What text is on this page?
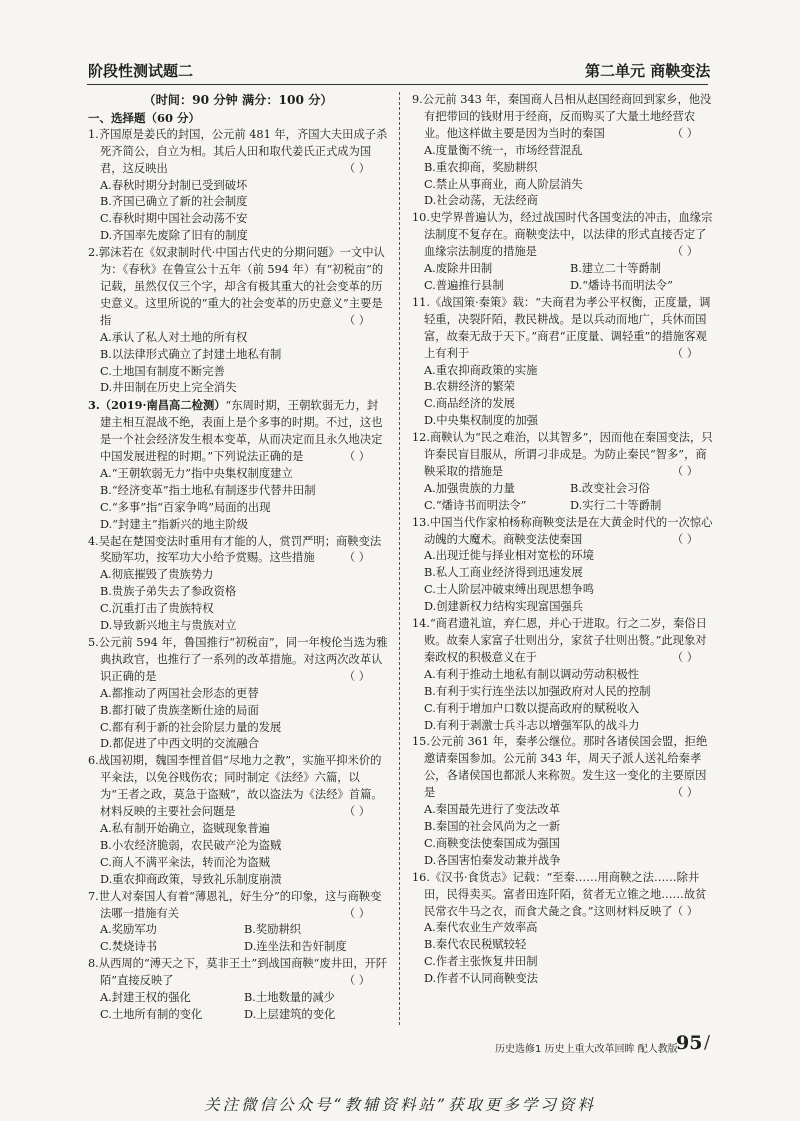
阶段性测试题二	第二单元 商鞅变法
（时间：90 分钟 满分：100 分）
一、选择题（60 分）
1.齐国原是姜氏的封国，公元前 481 年，齐国大夫田成子杀死齐简公，自立为相。其后人田和取代姜氏正式成为国君，这反映出	（ ）
A.春秋时期分封制已受到破坏
B.齐国已确立了新的社会制度
C.春秋时期中国社会动荡不安
D.齐国率先废除了旧有的制度
2.郭沫若在《奴隶制时代·中国古代史的分期问题》一文中认为：《春秋》在鲁宣公十五年（前 594 年）有“初税亩”的记载，虽然仅仅三个字，却含有极其重大的社会变革的历史意义。这里所说的“重大的社会变革的历史意义”主要是指	（ ）
A.承认了私人对土地的所有权
B.以法律形式确立了封建土地私有制
C.土地国有制度不断完善
D.井田制在历史上完全消失
3.（2019·南昌高二检测）“东周时期，王朝软弱无力，封建主相互混战不绝，表面上是个多事的时期。不过，这也是一个社会经济发生根本变革，从而决定而且永久地决定中国发展进程的时期。”下列说法正确的是	（ ）
A.“王朝软弱无力”指中央集权制度建立
B.“经济变革”指土地私有制逐步代替井田制
C.“多事”指“百家争鸣”局面的出现
D.“封建主”指新兴的地主阶级
4.吴起在楚国变法时重用有才能的人，赏罚严明；商鞅变法奖励军功，按军功大小给予赏赐。这些措施	（ ）
A.彻底摧毁了贵族势力
B.贵族子弟失去了参政资格
C.沉重打击了贵族特权
D.导致新兴地主与贵族对立
5.公元前 594 年，鲁国推行“初税亩”，同一年梭伦当选为雅典执政官，也推行了一系列的改革措施。对这两次改革认识正确的是	（ ）
A.都推动了两国社会形态的更替
B.都打破了贵族垄断仕途的局面
C.都有利于新的社会阶层力量的发展
D.都促进了中西文明的交流融合
6.战国初期，魏国李悝首倡“尽地力之教”，实施平抑米价的平籴法，以免谷贱伤农；同时制定《法经》六篇，以为“王者之政，莫急于盗贼”，故以盗法为《法经》首篇。材料反映的主要社会问题是	（ ）
A.私有制开始确立，盗贼现象普遍
B.小农经济脆弱，农民破产沦为盗贼
C.商人不满平籴法，转而沦为盗贼
D.重农抑商政策，导致礼乐制度崩溃
7.世人对秦国人有着“薄恩礼，好生分”的印象，这与商鞅变法哪一措施有关	（ ）
A.奖励军功	B.奖励耕织
C.焚烧诗书	D.连坐法和告奸制度
8.从西周的“溥天之下，莫非王土”到战国商鞅“废井田，开阡陌”直接反映了	（ ）
A.封建王权的强化	B.土地数量的减少
C.土地所有制的变化	D.上层建筑的变化
9.公元前 343 年，秦国商人吕相从赵国经商回到家乡，他没有把带回的钱财用于经商，反而购买了大量土地经营农业。他这样做主要是因为当时的秦国	（ ）
A.度量衡不统一，市场经营混乱
B.重农抑商，奖励耕织
C.禁止从事商业，商人阶层消失
D.社会动荡，无法经商
10.史学界普遍认为，经过战国时代各国变法的冲击，血缘宗法制度不复存在。商鞅变法中，以法律的形式直接否定了血缘宗法制度的措施是	（ ）
A.废除井田制	B.建立二十等爵制
C.普遍推行县制	D.“燔诗书而明法令”
11.《战国策·秦策》载：“夫商君为孝公平权衡，正度量，调轻重，决裂阡陌，教民耕战。是以兵动而地广，兵休而国富，故秦无敌于天下。”商君“正度量、调轻重”的措施客观上有利于	（ ）
A.重农抑商政策的实施
B.农耕经济的繁荣
C.商品经济的发展
D.中央集权制度的加强
12.商鞅认为“民之难治，以其智多”，因而他在秦国变法，只许秦民盲目服从，所谓刁非成是。为防止秦民“智多”，商鞅采取的措施是	（ ）
A.加强贵族的力量	B.改变社会习俗
C.“燔诗书而明法令”	D.实行二十等爵制
13.中国当代作家柏杨称商鞅变法是在大黄金时代的一次惊心动魄的大魔术。商鞅变法使秦国	（ ）
A.出现迁徙与择业相对宽松的环境
B.私人工商业经济得到迅速发展
C.士人阶层冲破束缚出现思想争鸣
D.创建新权力结构实现富国强兵
14.“商君遗礼谊，弃仁恩，并心于进取。行之二岁，秦俗日败。故秦人家富子壮则出分，家贫子壮则出赘。”此现象对秦政权的积极意义在于	（ ）
A.有利于推动土地私有制以调动劳动积极性
B.有利于实行连坐法以加强政府对人民的控制
C.有利于增加户口数以提高政府的赋税收入
D.有利于剥激士兵斗志以增强军队的战斗力
15.公元前 361 年，秦孝公继位。那时各诸侯国会盟，拒绝邀请秦国参加。公元前 343 年，周天子派人送礼给秦孝公，各诸侯国也都派人来称贺。发生这一变化的主要原因是	（ ）
A.秦国最先进行了变法改革
B.秦国的社会风尚为之一新
C.商鞅变法使秦国成为强国
D.各国害怕秦发动兼并战争
16.《汉书·食货志》记载：“至秦……用商鞅之法……除井田，民得卖买。富者田连阡陌，贫者无立锥之地……故贫民常衣牛马之衣，而食犬彘之食。”这则材料反映了 （ ）
A.秦代农业生产效率高
B.秦代农民税赋较轻
C.作者主张恢复井田制
D.作者不认同商鞅变法
历史选修1 历史上重大改革回眸 配人教版
95 /
关注微信公众号“教辅资料站”获取更多学习资料
